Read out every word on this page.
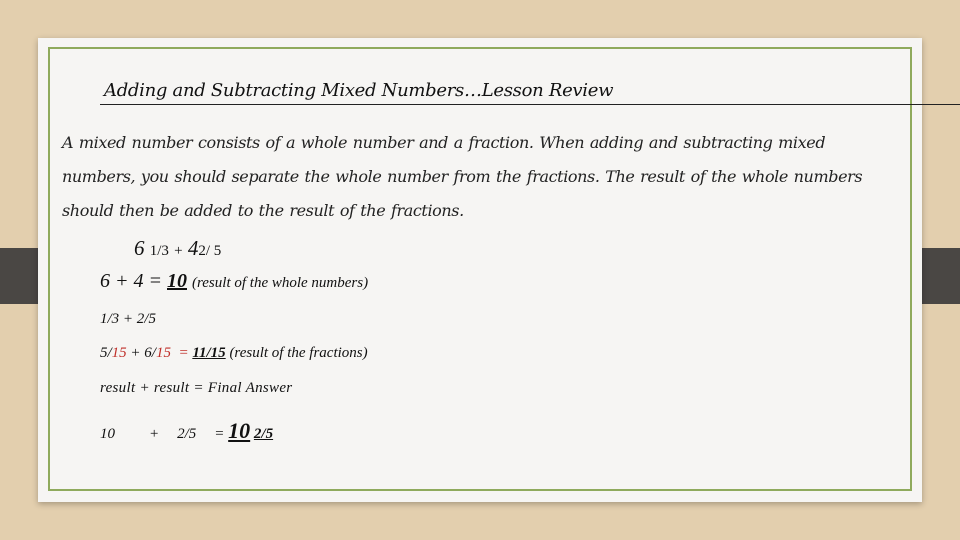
Adding and Subtracting Mixed Numbers…Lesson Review

A mixed number consists of a whole number and a fraction. When adding and subtracting mixed numbers, you should separate the whole number from the fractions. The result of the whole numbers should then be added to the result of the fractions.

6 1/3 + 42/ 5
6 + 4 = 10 (result of the whole numbers)
1/3 + 2/5
5/15 + 6/15 = 11/15 (result of the fractions)
result + result = Final Answer
10 + 2/5 = 10 2/5
